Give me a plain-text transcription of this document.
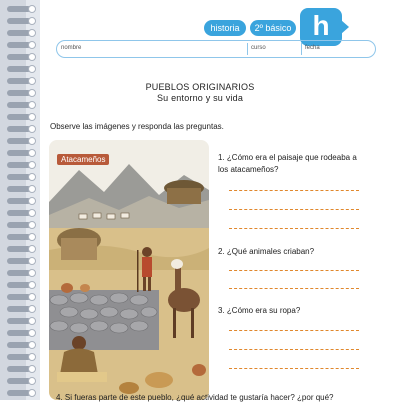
historia	2º básico h
nombre	curso	fecha
PUEBLOS ORIGINARIOS
Su entorno y su vida
Observe las imágenes y responda las preguntas.
Atacameños	1. ¿Cómo era el paisaje que rodeaba a los atacameños?
2. ¿Qué animales criaban?
3. ¿Cómo era su ropa?
4. Si fueras parte de este pueblo, ¿qué actividad te gustaría hacer? ¿por qué?
